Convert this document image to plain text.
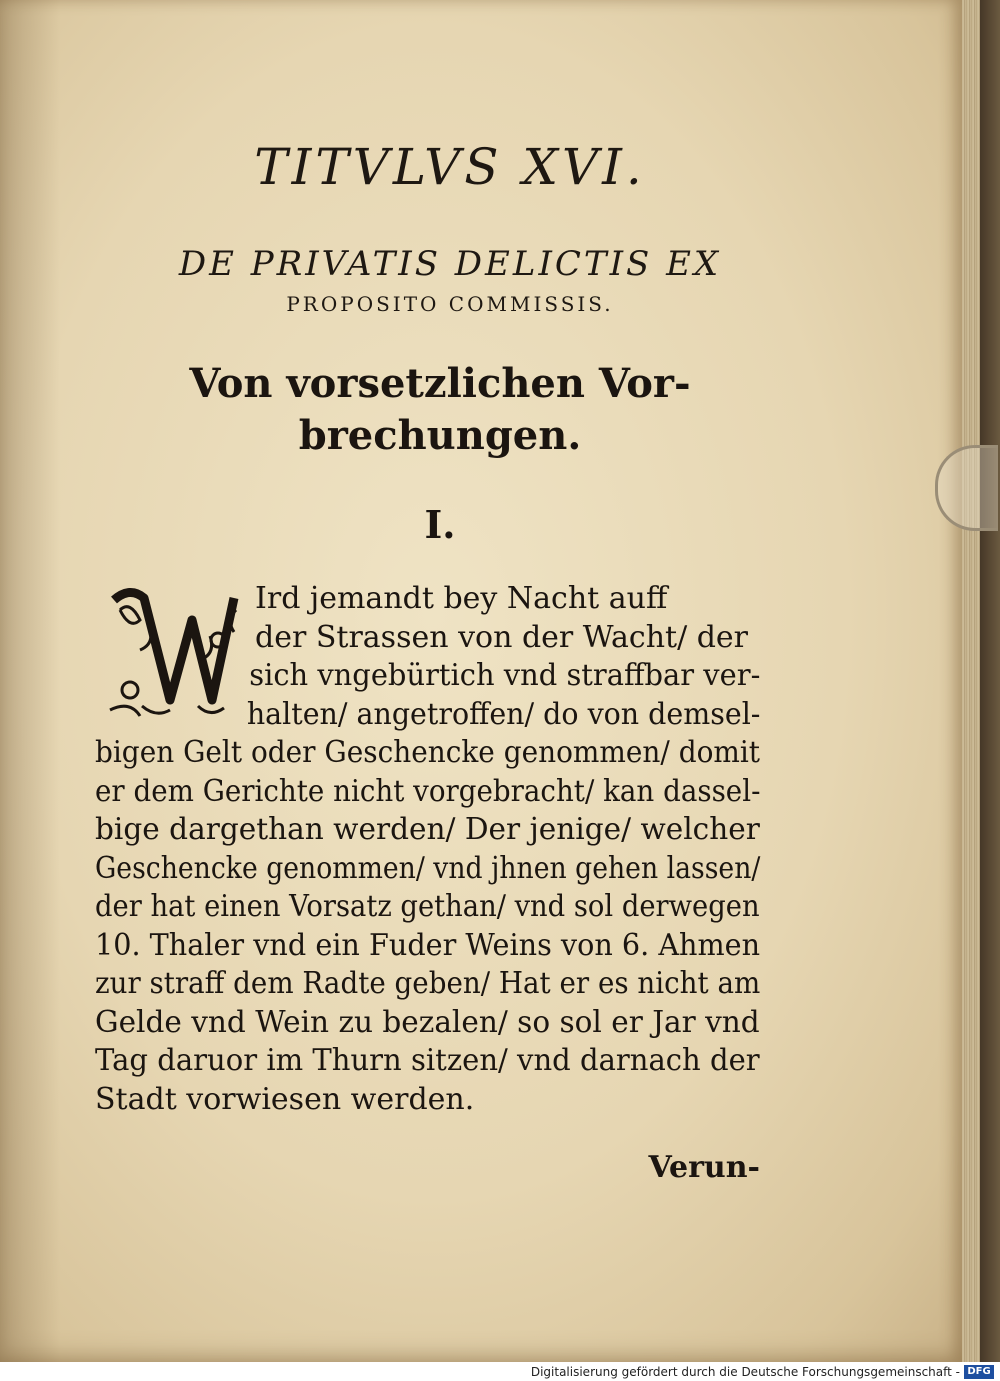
TITVLVS XVI.
DE PRIVATIS DELICTIS EX
PROPOSITO COMMISSIS.
Von vorsetzlichen Vor-
brechungen.
I.
Ird jemandt bey Nacht auff
der Strassen von der Wacht/ der
sich vngebürtich vnd straffbar ver-
halten/ angetroffen/ do von demsel-
bigen Gelt oder Geschencke genommen/ domit
er dem Gerichte nicht vorgebracht/ kan dassel-
bige dargethan werden/ Der jenige/ welcher
Geschencke genommen/ vnd jhnen gehen lassen/
der hat einen Vorsatz gethan/ vnd sol derwegen
10. Thaler vnd ein Fuder Weins von 6. Ahmen
zur straff dem Radte geben/ Hat er es nicht am
Gelde vnd Wein zu bezalen/ so sol er Jar vnd
Tag daruor im Thurn sitzen/ vnd darnach der
Stadt vorwiesen werden.
Verun-
Digitalisierung gefördert durch die Deutsche Forschungsgemeinschaft - DFG
